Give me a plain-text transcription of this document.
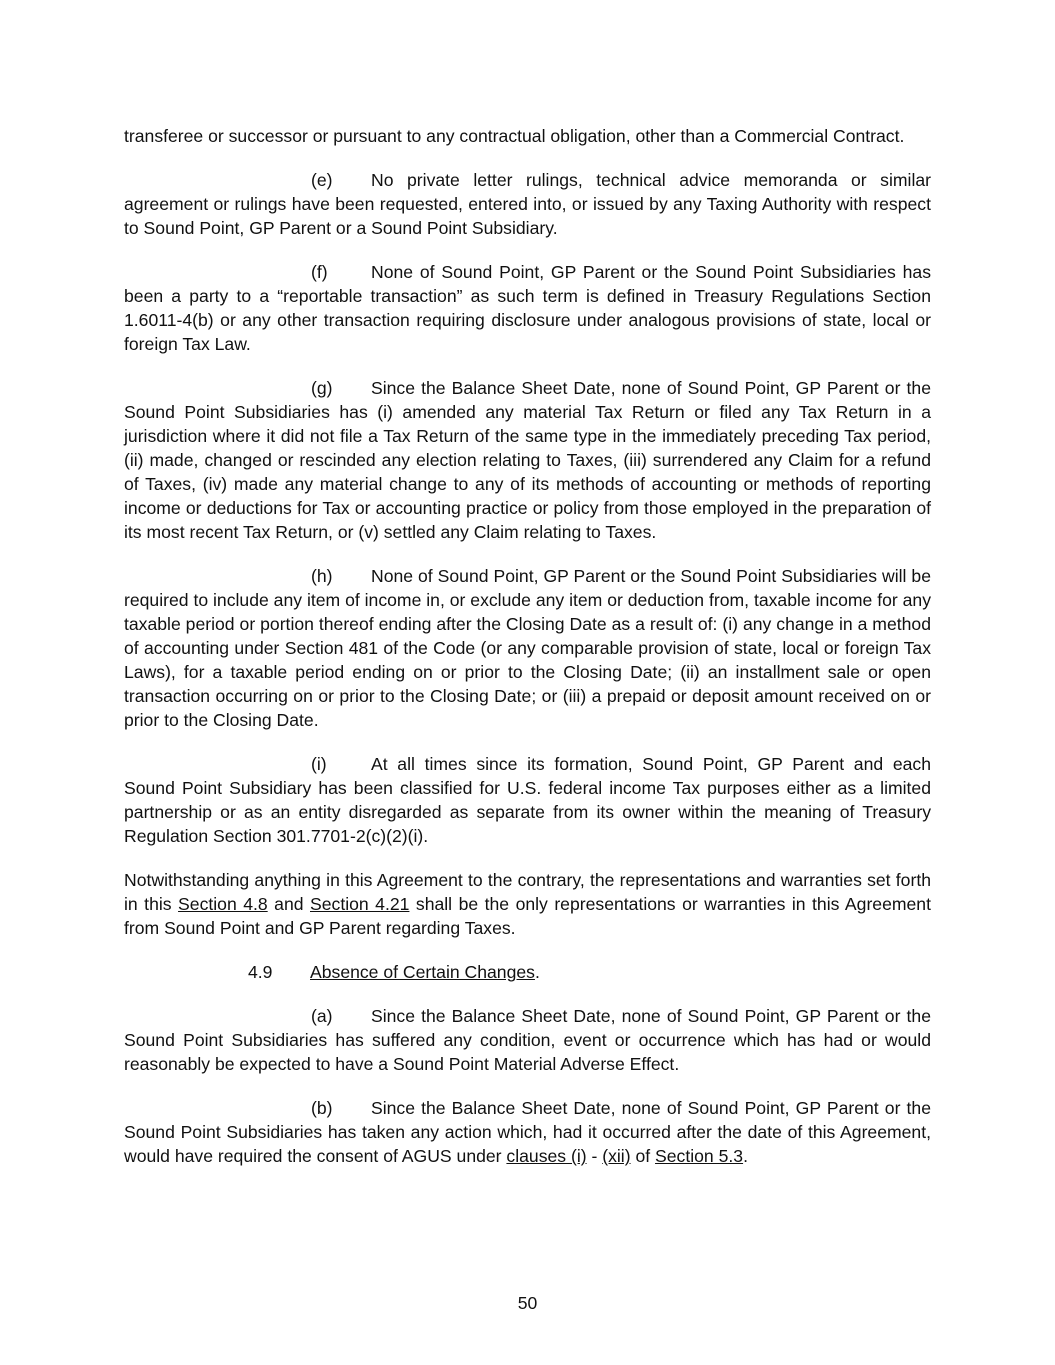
transferee or successor or pursuant to any contractual obligation, other than a Commercial Contract.

(e) No private letter rulings, technical advice memoranda or similar agreement or rulings have been requested, entered into, or issued by any Taxing Authority with respect to Sound Point, GP Parent or a Sound Point Subsidiary.

(f) None of Sound Point, GP Parent or the Sound Point Subsidiaries has been a party to a “reportable transaction” as such term is defined in Treasury Regulations Section 1.6011-4(b) or any other transaction requiring disclosure under analogous provisions of state, local or foreign Tax Law.

(g) Since the Balance Sheet Date, none of Sound Point, GP Parent or the Sound Point Subsidiaries has (i) amended any material Tax Return or filed any Tax Return in a jurisdiction where it did not file a Tax Return of the same type in the immediately preceding Tax period, (ii) made, changed or rescinded any election relating to Taxes, (iii) surrendered any Claim for a refund of Taxes, (iv) made any material change to any of its methods of accounting or methods of reporting income or deductions for Tax or accounting practice or policy from those employed in the preparation of its most recent Tax Return, or (v) settled any Claim relating to Taxes.

(h) None of Sound Point, GP Parent or the Sound Point Subsidiaries will be required to include any item of income in, or exclude any item or deduction from, taxable income for any taxable period or portion thereof ending after the Closing Date as a result of: (i) any change in a method of accounting under Section 481 of the Code (or any comparable provision of state, local or foreign Tax Laws), for a taxable period ending on or prior to the Closing Date; (ii) an installment sale or open transaction occurring on or prior to the Closing Date; or (iii) a prepaid or deposit amount received on or prior to the Closing Date.

(i)	At all times since its formation, Sound Point, GP Parent and each Sound Point Subsidiary has been classified for U.S. federal income Tax purposes either as a limited partnership or as an entity disregarded as separate from its owner within the meaning of Treasury Regulation Section 301.7701-2(c)(2)(i).

Notwithstanding anything in this Agreement to the contrary, the representations and warranties set forth in this Section 4.8 and Section 4.21 shall be the only representations or warranties in this Agreement from Sound Point and GP Parent regarding Taxes.

4.9 Absence of Certain Changes.

(a) Since the Balance Sheet Date, none of Sound Point, GP Parent or the Sound Point Subsidiaries has suffered any condition, event or occurrence which has had or would reasonably be expected to have a Sound Point Material Adverse Effect.

(b) Since the Balance Sheet Date, none of Sound Point, GP Parent or the Sound Point Subsidiaries has taken any action which, had it occurred after the date of this Agreement, would have required the consent of AGUS under clauses (i) - (xii) of Section 5.3.

50
